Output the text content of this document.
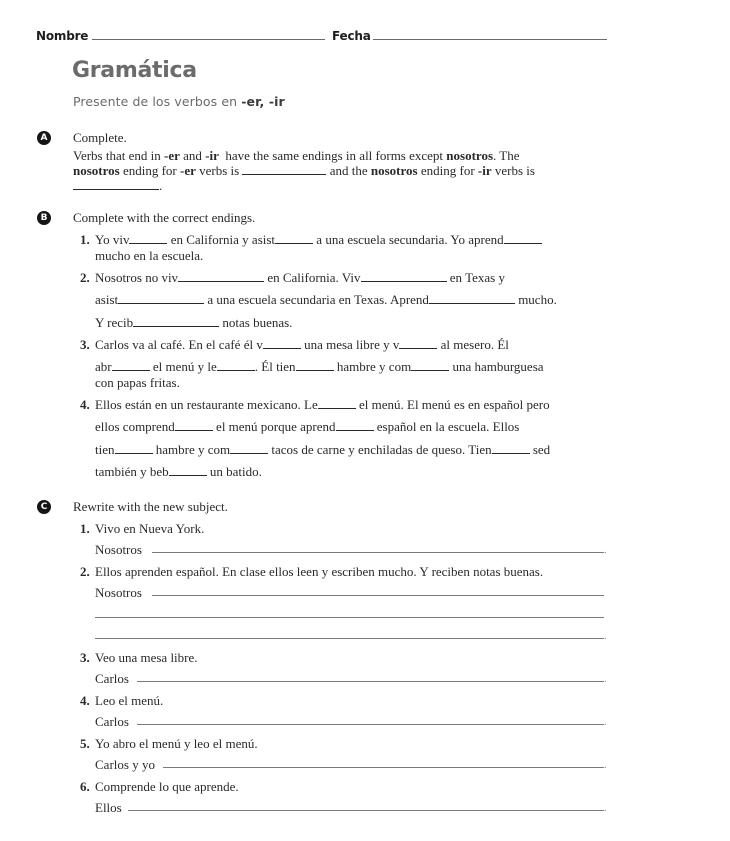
Nombre	Fecha
Gramática
Presente de los verbos en -er, -ir
A Complete.
Verbs that end in -er and -ir  have the same endings in all forms except nosotros. The
nosotros ending for -er verbs is	and the nosotros ending for -ir verbs is
.
B Complete with the correct endings.
1. Yo viv	en California y asist	a una escuela secundaria. Yo aprend
mucho en la escuela.
2. Nosotros no viv	en California. Viv	en Texas y
asist	a una escuela secundaria en Texas. Aprend	mucho.
Y recib	notas buenas.
3. Carlos va al café. En el café él v	una mesa libre y v	al mesero. Él
abr	el menú y le	. Él tien	hambre y com	una hamburguesa
con papas fritas.
4. Ellos están en un restaurante mexicano. Le	el menú. El menú es en español pero
ellos comprend	el menú porque aprend	español en la escuela. Ellos
tien	hambre y com	tacos de carne y enchiladas de queso. Tien	sed
también y beb	un batido.
C Rewrite with the new subject.
1. Vivo en Nueva York.
Nosotros	.
2. Ellos aprenden español. En clase ellos leen y escriben mucho. Y reciben notas buenas.
Nosotros
.
3. Veo una mesa libre.
Carlos	.
4. Leo el menú.
Carlos	.
5. Yo abro el menú y leo el menú.
Carlos y yo	.
6. Comprende lo que aprende.
Ellos	.
